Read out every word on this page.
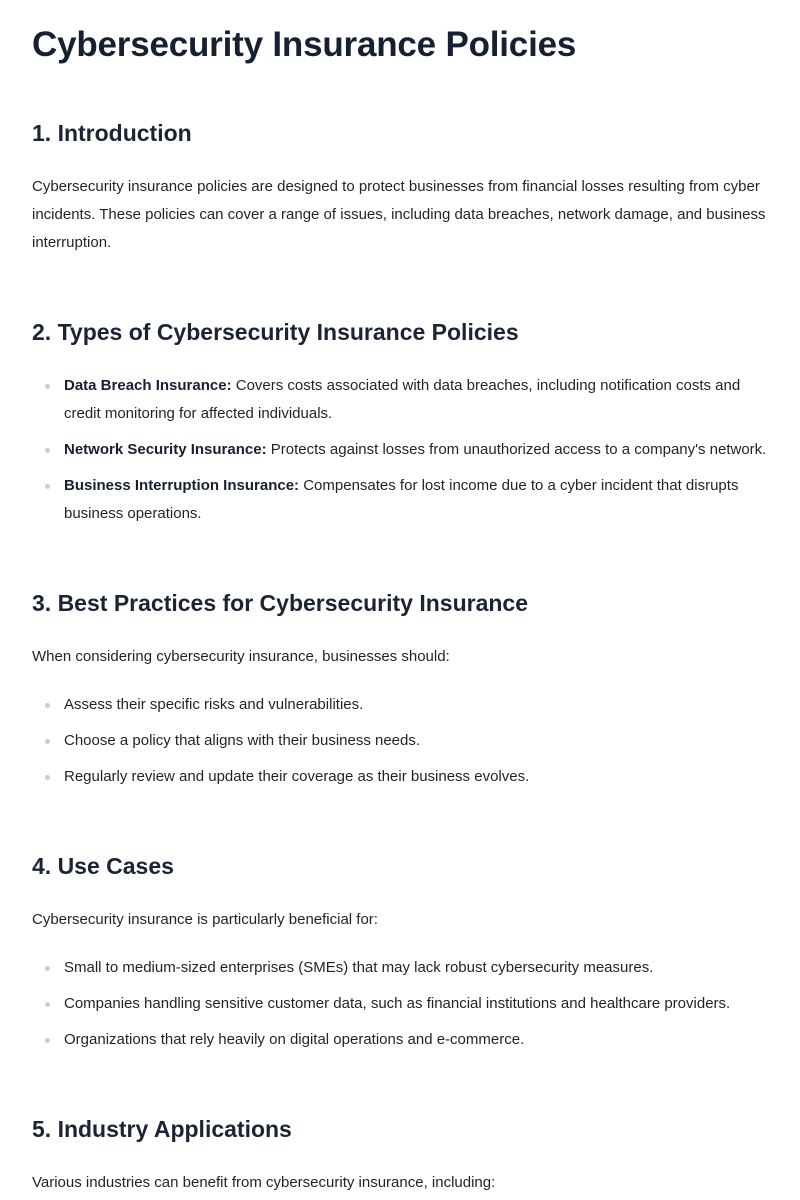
Cybersecurity Insurance Policies
1. Introduction

Cybersecurity insurance policies are designed to protect businesses from financial losses resulting from cyber incidents. These policies can cover a range of issues, including data breaches, network damage, and business interruption.

2. Types of Cybersecurity Insurance Policies
Data Breach Insurance: Covers costs associated with data breaches, including notification costs and credit monitoring for affected individuals.
Network Security Insurance: Protects against losses from unauthorized access to a company's network.
Business Interruption Insurance: Compensates for lost income due to a cyber incident that disrupts business operations.
3. Best Practices for Cybersecurity Insurance

When considering cybersecurity insurance, businesses should:

Assess their specific risks and vulnerabilities.
Choose a policy that aligns with their business needs.
Regularly review and update their coverage as their business evolves.
4. Use Cases

Cybersecurity insurance is particularly beneficial for:

Small to medium-sized enterprises (SMEs) that may lack robust cybersecurity measures.
Companies handling sensitive customer data, such as financial institutions and healthcare providers.
Organizations that rely heavily on digital operations and e-commerce.
5. Industry Applications

Various industries can benefit from cybersecurity insurance, including:
